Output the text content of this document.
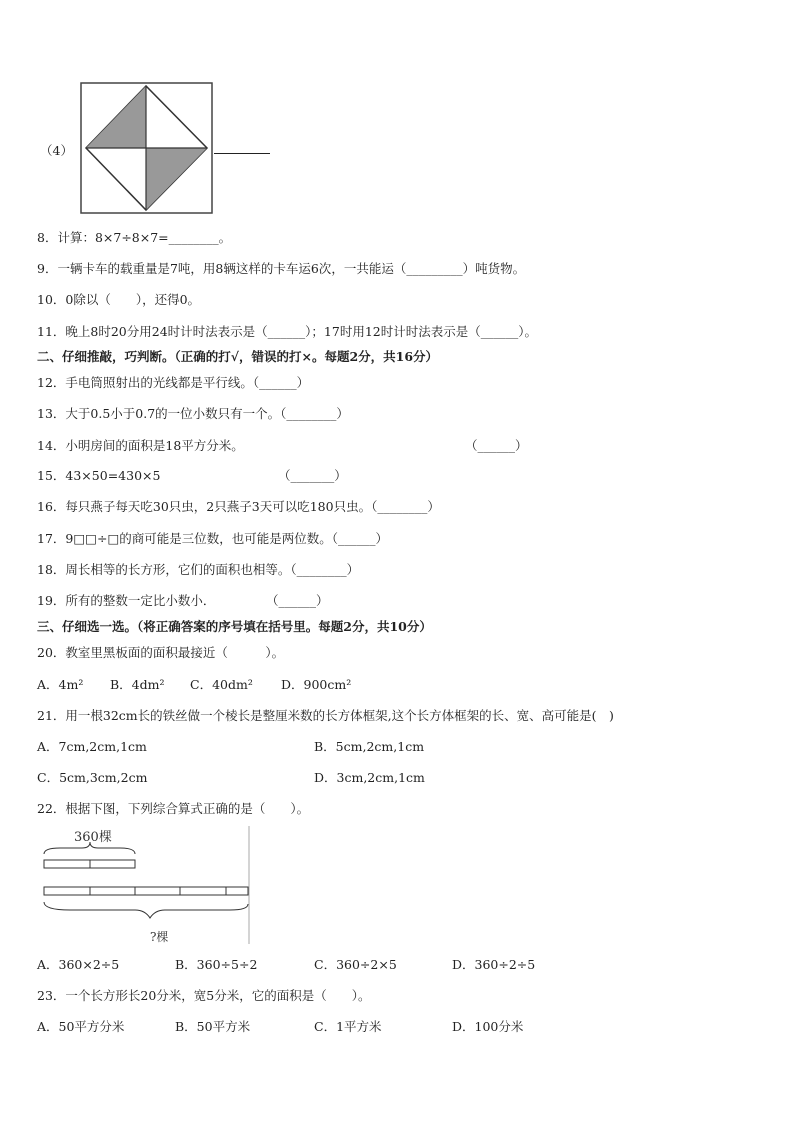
（4）
8．计算：8×7÷8×7=________。
9．一辆卡车的载重量是7吨，用8辆这样的卡车运6次，一共能运（_________）吨货物。
10．0除以（　　），还得0。
11．晚上8时20分用24时计时法表示是（______）；17时用12时计时法表示是（______）。
二、仔细推敲，巧判断。（正确的打√，错误的打×。每题2分，共16分）
12．手电筒照射出的光线都是平行线。（______）
13．大于0.5小于0.7的一位小数只有一个。（________）
14．小明房间的面积是18平方分米。	（______）
15．43×50=430×5	（_______）
16．每只燕子每天吃30只虫，2只燕子3天可以吃180只虫。（________）
17．9□□÷□的商可能是三位数，也可能是两位数。（______）
18．周长相等的长方形，它们的面积也相等。（________）
19．所有的整数一定比小数小．	（______）
三、仔细选一选。（将正确答案的序号填在括号里。每题2分，共10分）
20．教室里黑板面的面积最接近（　　　）。
A．4m² B．4dm² C．40dm² D．900cm²
21．用一根32cm长的铁丝做一个棱长是整厘米数的长方体框架,这个长方体框架的长、宽、高可能是(　)
A．7cm,2cm,1cm	B．5cm,2cm,1cm
C．5cm,3cm,2cm	D．3cm,2cm,1cm
22．根据下图，下列综合算式正确的是（　　）。
360棵
?棵
A．360×2÷5	B．360÷5÷2	C．360÷2×5	D．360÷2÷5
23．一个长方形长20分米，宽5分米，它的面积是（　　）。
A．50平方分米	B．50平方米	C．1平方米	D．100分米
